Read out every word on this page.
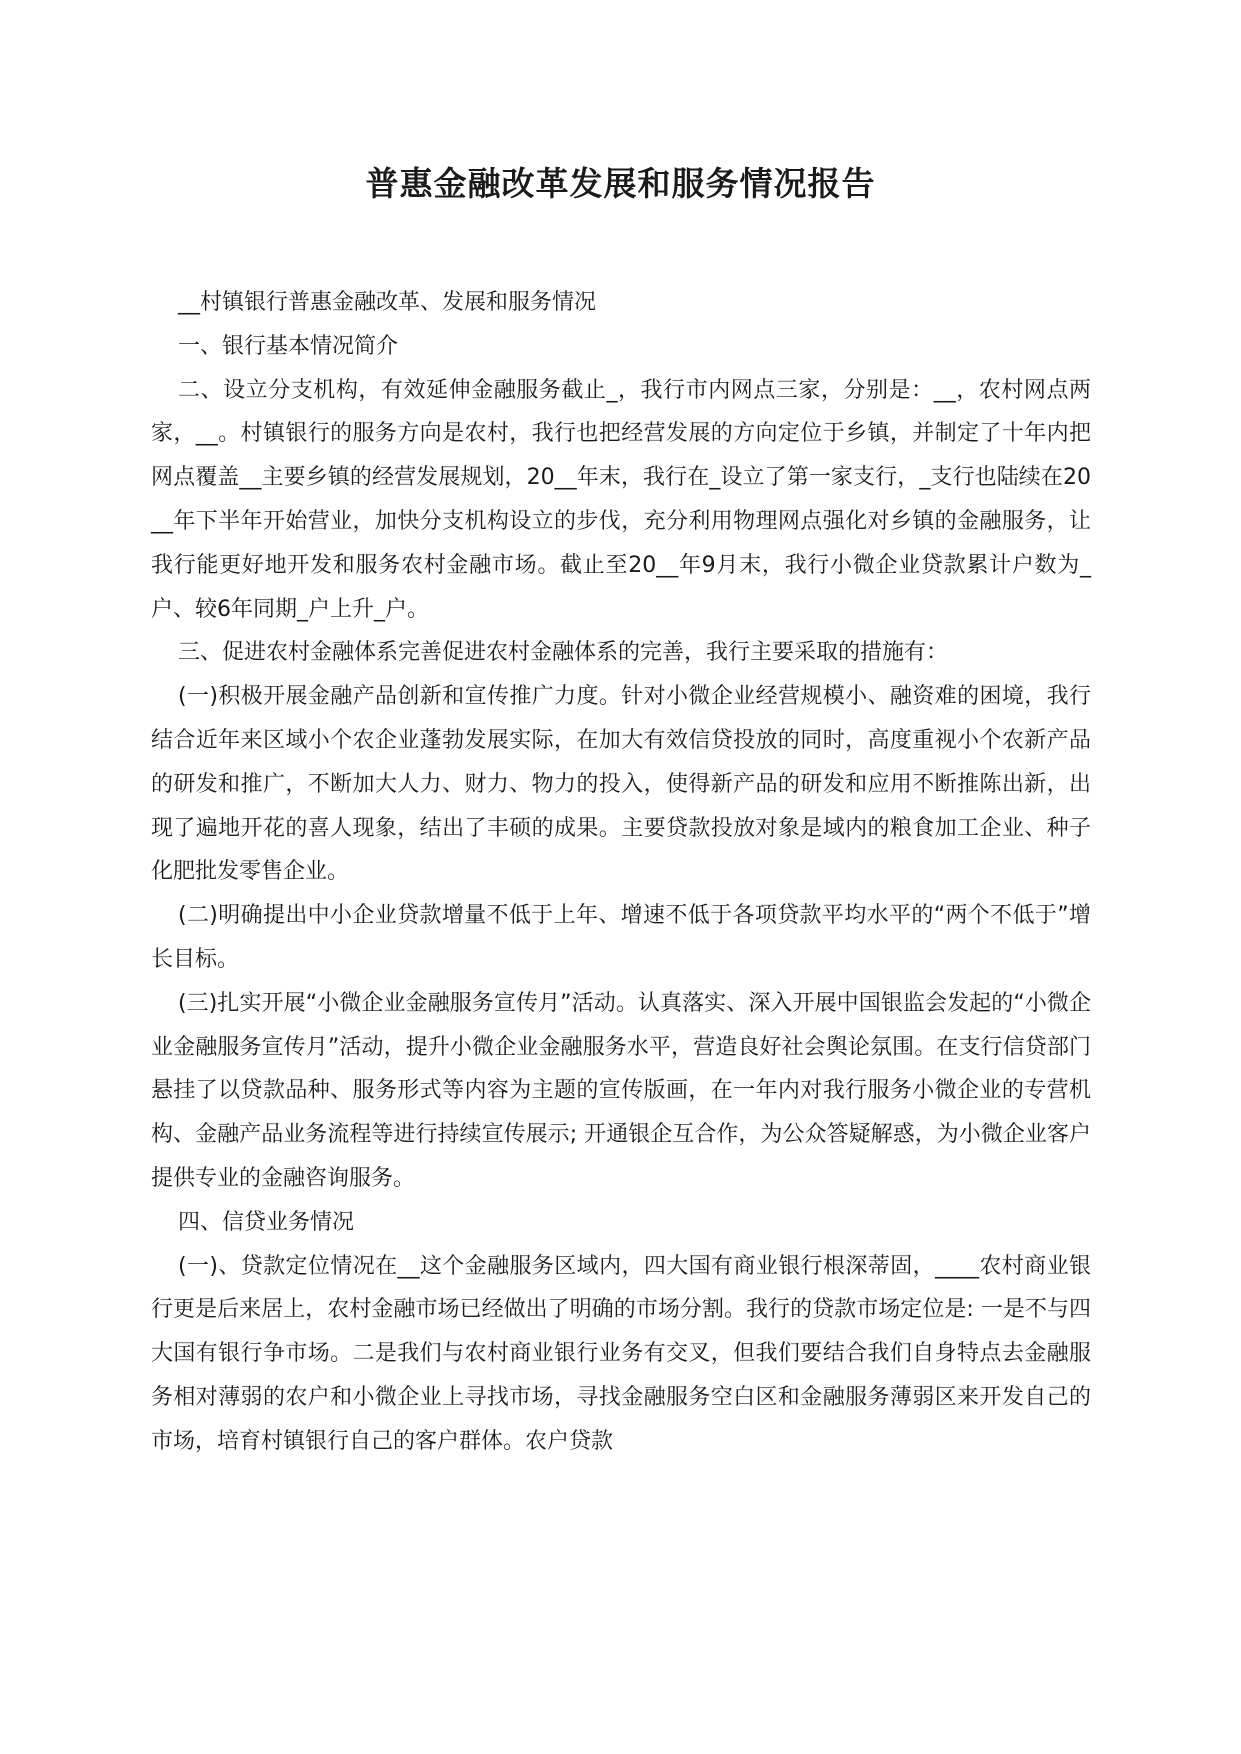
普惠金融改革发展和服务情况报告

__村镇银行普惠金融改革、发展和服务情况

一、银行基本情况简介

二、设立分支机构，有效延伸金融服务截止_，我行市内网点三家，分别是：__，农村网点两家，__。村镇银行的服务方向是农村，我行也把经营发展的方向定位于乡镇，并制定了十年内把网点覆盖__主要乡镇的经营发展规划，20__年末，我行在_设立了第一家支行，_支行也陆续在20__年下半年开始营业，加快分支机构设立的步伐，充分利用物理网点强化对乡镇的金融服务，让我行能更好地开发和服务农村金融市场。截止至20__年9月末，我行小微企业贷款累计户数为_户、较6年同期_户上升_户。

三、促进农村金融体系完善促进农村金融体系的完善，我行主要采取的措施有：

(一)积极开展金融产品创新和宣传推广力度。针对小微企业经营规模小、融资难的困境，我行结合近年来区域小个农企业蓬勃发展实际，在加大有效信贷投放的同时，高度重视小个农新产品的研发和推广，不断加大人力、财力、物力的投入，使得新产品的研发和应用不断推陈出新，出现了遍地开花的喜人现象，结出了丰硕的成果。主要贷款投放对象是域内的粮食加工企业、种子化肥批发零售企业。

(二)明确提出中小企业贷款增量不低于上年、增速不低于各项贷款平均水平的“两个不低于”增长目标。

(三)扎实开展“小微企业金融服务宣传月”活动。认真落实、深入开展中国银监会发起的“小微企业金融服务宣传月”活动，提升小微企业金融服务水平，营造良好社会舆论氛围。在支行信贷部门悬挂了以贷款品种、服务形式等内容为主题的宣传版画，在一年内对我行服务小微企业的专营机构、金融产品业务流程等进行持续宣传展示; 开通银企互合作，为公众答疑解惑，为小微企业客户提供专业的金融咨询服务。

四、信贷业务情况

(一)、贷款定位情况在__这个金融服务区域内，四大国有商业银行根深蒂固，____农村商业银行更是后来居上，农村金融市场已经做出了明确的市场分割。我行的贷款市场定位是: 一是不与四大国有银行争市场。二是我们与农村商业银行业务有交叉，但我们要结合我们自身特点去金融服务相对薄弱的农户和小微企业上寻找市场，寻找金融服务空白区和金融服务薄弱区来开发自己的市场，培育村镇银行自己的客户群体。农户贷款
